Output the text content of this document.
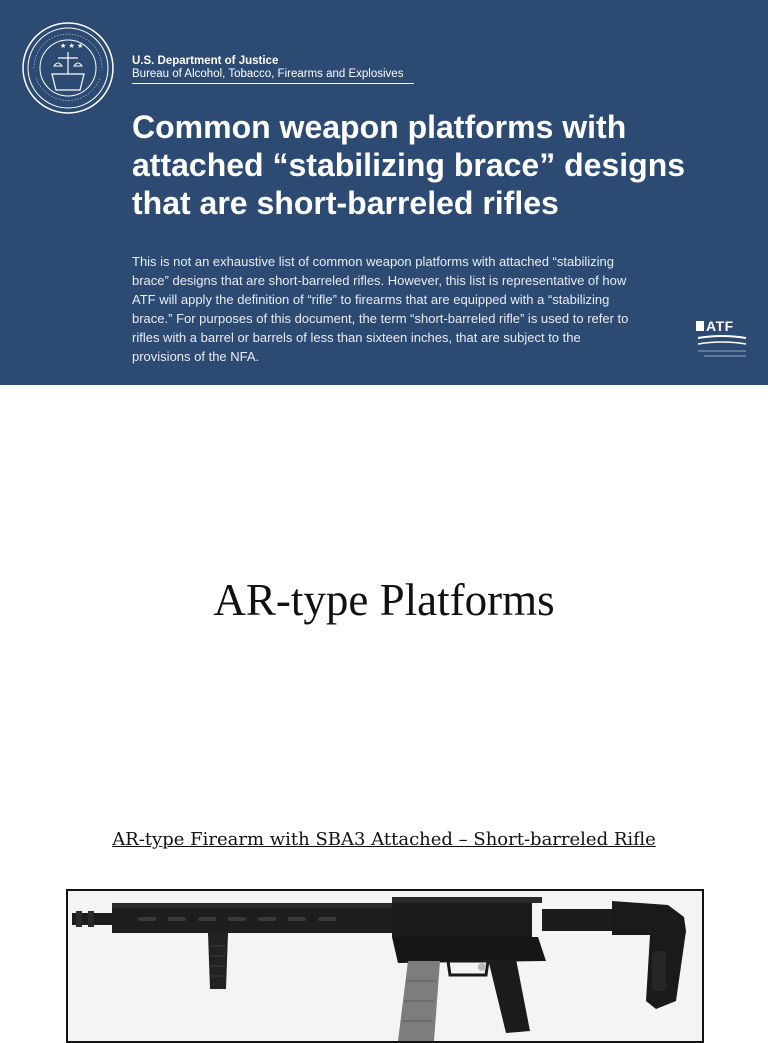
★ ★ ★
U.S. Department of Justice
Bureau of Alcohol, Tobacco, Firearms and Explosives
Common weapon platforms with attached “stabilizing brace” designs that are short-barreled rifles

This is not an exhaustive list of common weapon platforms with attached “stabilizing brace” designs that are short-barreled rifles. However, this list is representative of how ATF will apply the definition of “rifle” to firearms that are equipped with a “stabilizing brace.” For purposes of this document, the term “short-barreled rifle” is used to refer to rifles with a barrel or barrels of less than sixteen inches, that are subject to the provisions of the NFA.

ATF
AR-type Platforms
AR-type Firearm with SBA3 Attached – Short-barreled Rifle
